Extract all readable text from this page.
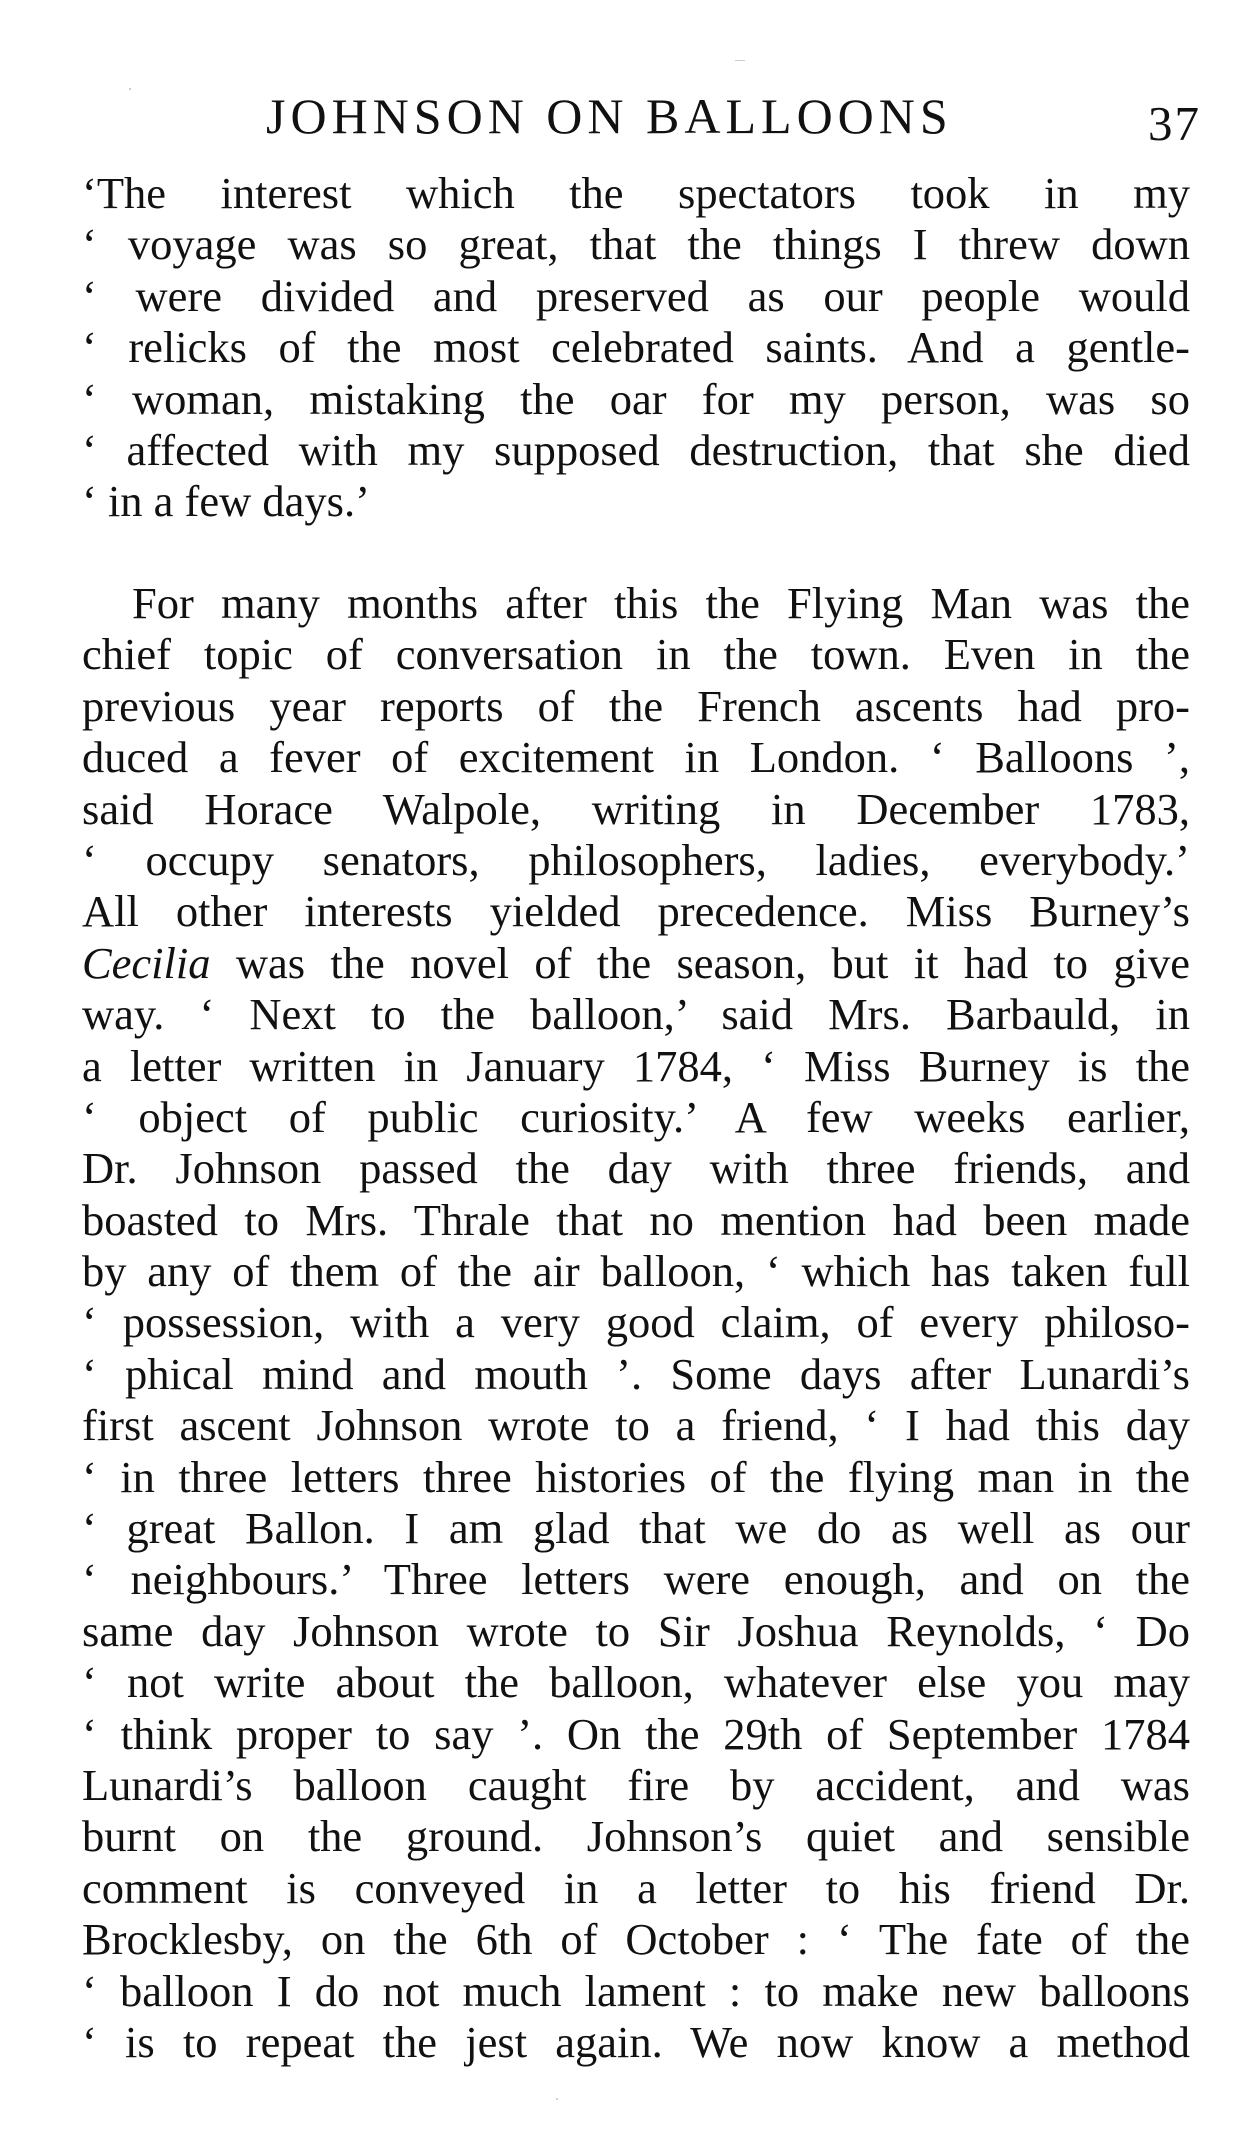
JOHNSON ON BALLOONS	37
‘The interest which the spectators took in my
‘ voyage was so great, that the things I threw down
‘ were divided and preserved as our people would
‘ relicks of the most celebrated saints. And a gentle-
‘ woman, mistaking the oar for my person, was so
‘ affected with my supposed destruction, that she died
‘ in a few days.’
For many months after this the Flying Man was the
chief topic of conversation in the town. Even in the
previous year reports of the French ascents had pro-
duced a fever of excitement in London. ‘ Balloons ’,
said Horace Walpole, writing in December 1783,
‘ occupy senators, philosophers, ladies, everybody.’
All other interests yielded precedence. Miss Burney’s
Cecilia was the novel of the season, but it had to give
way. ‘ Next to the balloon,’ said Mrs. Barbauld, in
a letter written in January 1784, ‘ Miss Burney is the
‘ object of public curiosity.’ A few weeks earlier,
Dr. Johnson passed the day with three friends, and
boasted to Mrs. Thrale that no mention had been made
by any of them of the air balloon, ‘ which has taken full
‘ possession, with a very good claim, of every philoso-
‘ phical mind and mouth ’. Some days after Lunardi’s
first ascent Johnson wrote to a friend, ‘ I had this day
‘ in three letters three histories of the flying man in the
‘ great Ballon. I am glad that we do as well as our
‘ neighbours.’ Three letters were enough, and on the
same day Johnson wrote to Sir Joshua Reynolds, ‘ Do
‘ not write about the balloon, whatever else you may
‘ think proper to say ’. On the 29th of September 1784
Lunardi’s balloon caught fire by accident, and was
burnt on the ground. Johnson’s quiet and sensible
comment is conveyed in a letter to his friend Dr.
Brocklesby, on the 6th of October : ‘ The fate of the
‘ balloon I do not much lament : to make new balloons
‘ is to repeat the jest again. We now know a method
